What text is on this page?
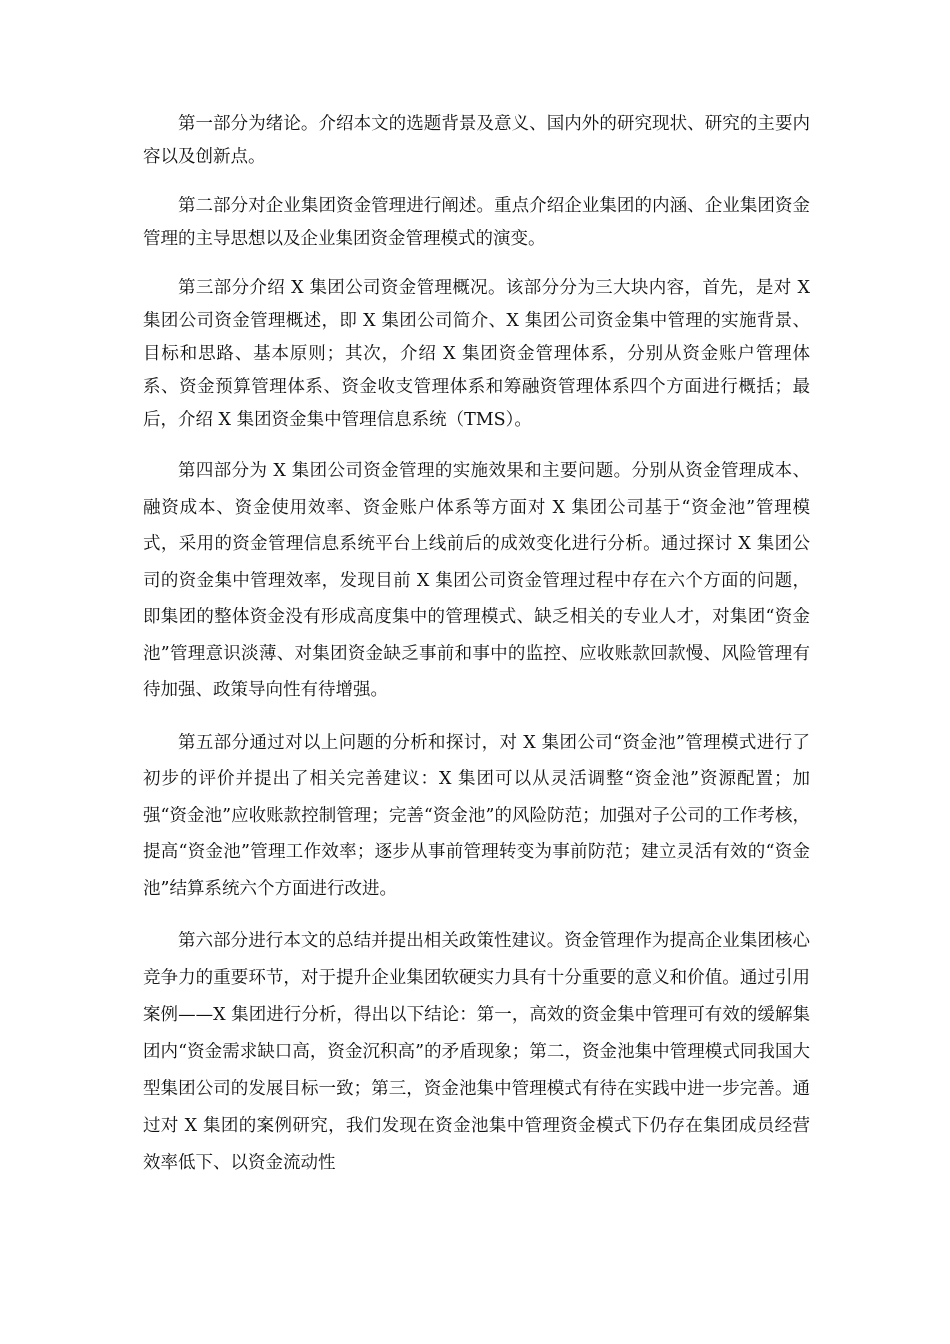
第一部分为绪论。介绍本文的选题背景及意义、国内外的研究现状、研究的主要内容以及创新点。

第二部分对企业集团资金管理进行阐述。重点介绍企业集团的内涵、企业集团资金管理的主导思想以及企业集团资金管理模式的演变。

第三部分介绍 X 集团公司资金管理概况。该部分分为三大块内容，首先，是对 X 集团公司资金管理概述，即 X 集团公司简介、X 集团公司资金集中管理的实施背景、目标和思路、基本原则；其次，介绍 X 集团资金管理体系，分别从资金账户管理体系、资金预算管理体系、资金收支管理体系和筹融资管理体系四个方面进行概括；最后，介绍 X 集团资金集中管理信息系统（TMS）。

第四部分为 X 集团公司资金管理的实施效果和主要问题。分别从资金管理成本、融资成本、资金使用效率、资金账户体系等方面对 X 集团公司基于“资金池”管理模式，采用的资金管理信息系统平台上线前后的成效变化进行分析。通过探讨 X 集团公司的资金集中管理效率，发现目前 X 集团公司资金管理过程中存在六个方面的问题，即集团的整体资金没有形成高度集中的管理模式、缺乏相关的专业人才，对集团“资金池”管理意识淡薄、对集团资金缺乏事前和事中的监控、应收账款回款慢、风险管理有待加强、政策导向性有待增强。

第五部分通过对以上问题的分析和探讨，对 X 集团公司“资金池”管理模式进行了初步的评价并提出了相关完善建议：X 集团可以从灵活调整“资金池”资源配置；加强“资金池”应收账款控制管理；完善“资金池”的风险防范；加强对子公司的工作考核，提高“资金池”管理工作效率；逐步从事前管理转变为事前防范；建立灵活有效的“资金池”结算系统六个方面进行改进。

第六部分进行本文的总结并提出相关政策性建议。资金管理作为提高企业集团核心竞争力的重要环节，对于提升企业集团软硬实力具有十分重要的意义和价值。通过引用案例——X 集团进行分析，得出以下结论：第一，高效的资金集中管理可有效的缓解集团内“资金需求缺口高，资金沉积高”的矛盾现象；第二，资金池集中管理模式同我国大型集团公司的发展目标一致；第三，资金池集中管理模式有待在实践中进一步完善。通过对 X 集团的案例研究，我们发现在资金池集中管理资金模式下仍存在集团成员经营效率低下、以资金流动性
